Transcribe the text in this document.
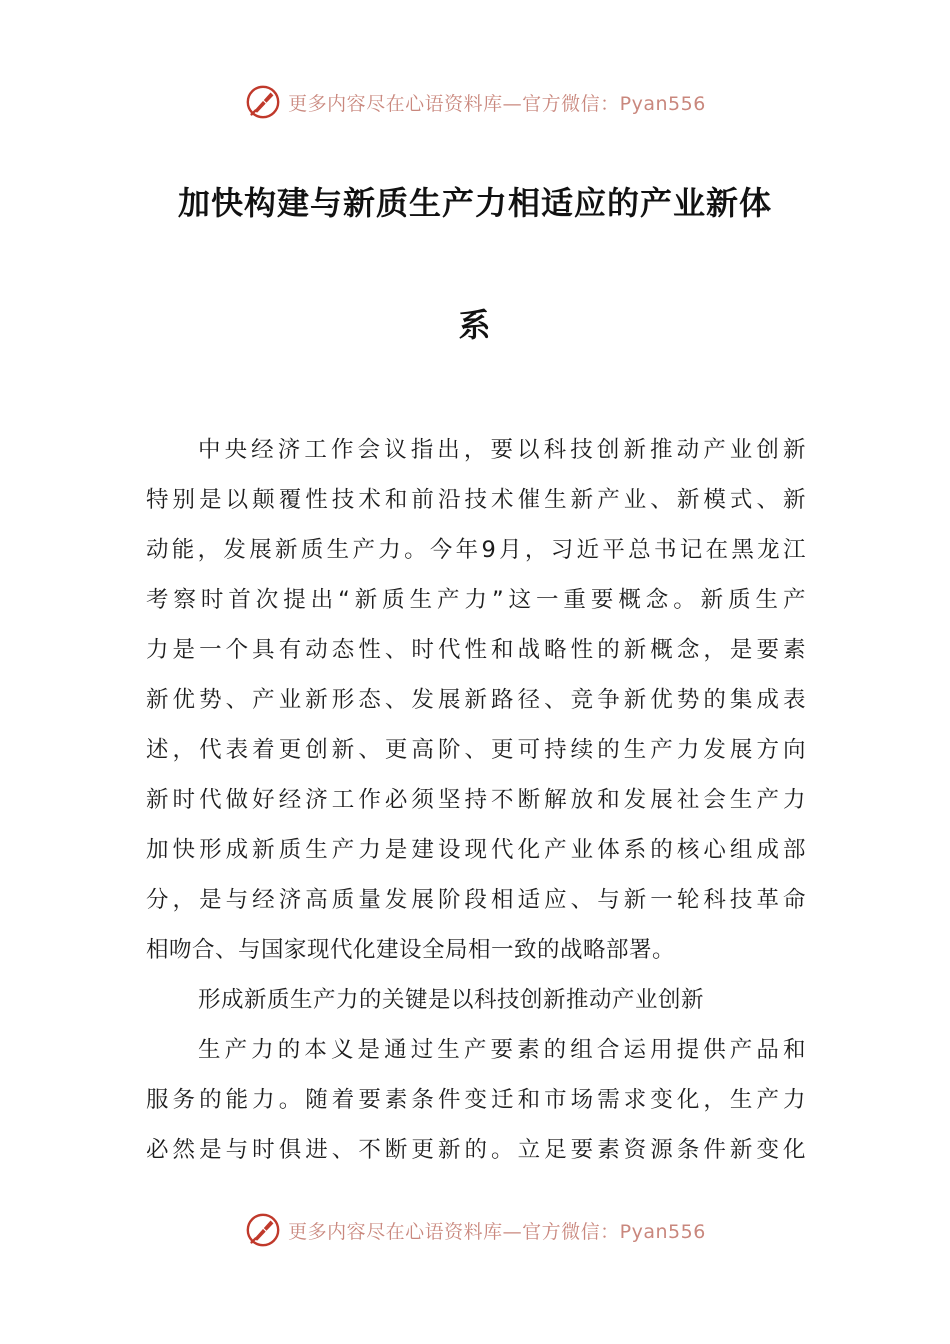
更多内容尽在心语资料库—官方微信：Pyan556
加快构建与新质生产力相适应的产业新体
系
中央经济工作会议指出，要以科技创新推动产业创新
特别是以颠覆性技术和前沿技术催生新产业、新模式、新
动能，发展新质生产力。今年9月，习近平总书记在黑龙江
考察时首次提出“新质生产力”这一重要概念。新质生产
力是一个具有动态性、时代性和战略性的新概念，是要素
新优势、产业新形态、发展新路径、竞争新优势的集成表
述，代表着更创新、更高阶、更可持续的生产力发展方向
新时代做好经济工作必须坚持不断解放和发展社会生产力
加快形成新质生产力是建设现代化产业体系的核心组成部
分，是与经济高质量发展阶段相适应、与新一轮科技革命
相吻合、与国家现代化建设全局相一致的战略部署。
形成新质生产力的关键是以科技创新推动产业创新
生产力的本义是通过生产要素的组合运用提供产品和
服务的能力。随着要素条件变迁和市场需求变化，生产力
必然是与时俱进、不断更新的。立足要素资源条件新变化
更多内容尽在心语资料库—官方微信：Pyan556
